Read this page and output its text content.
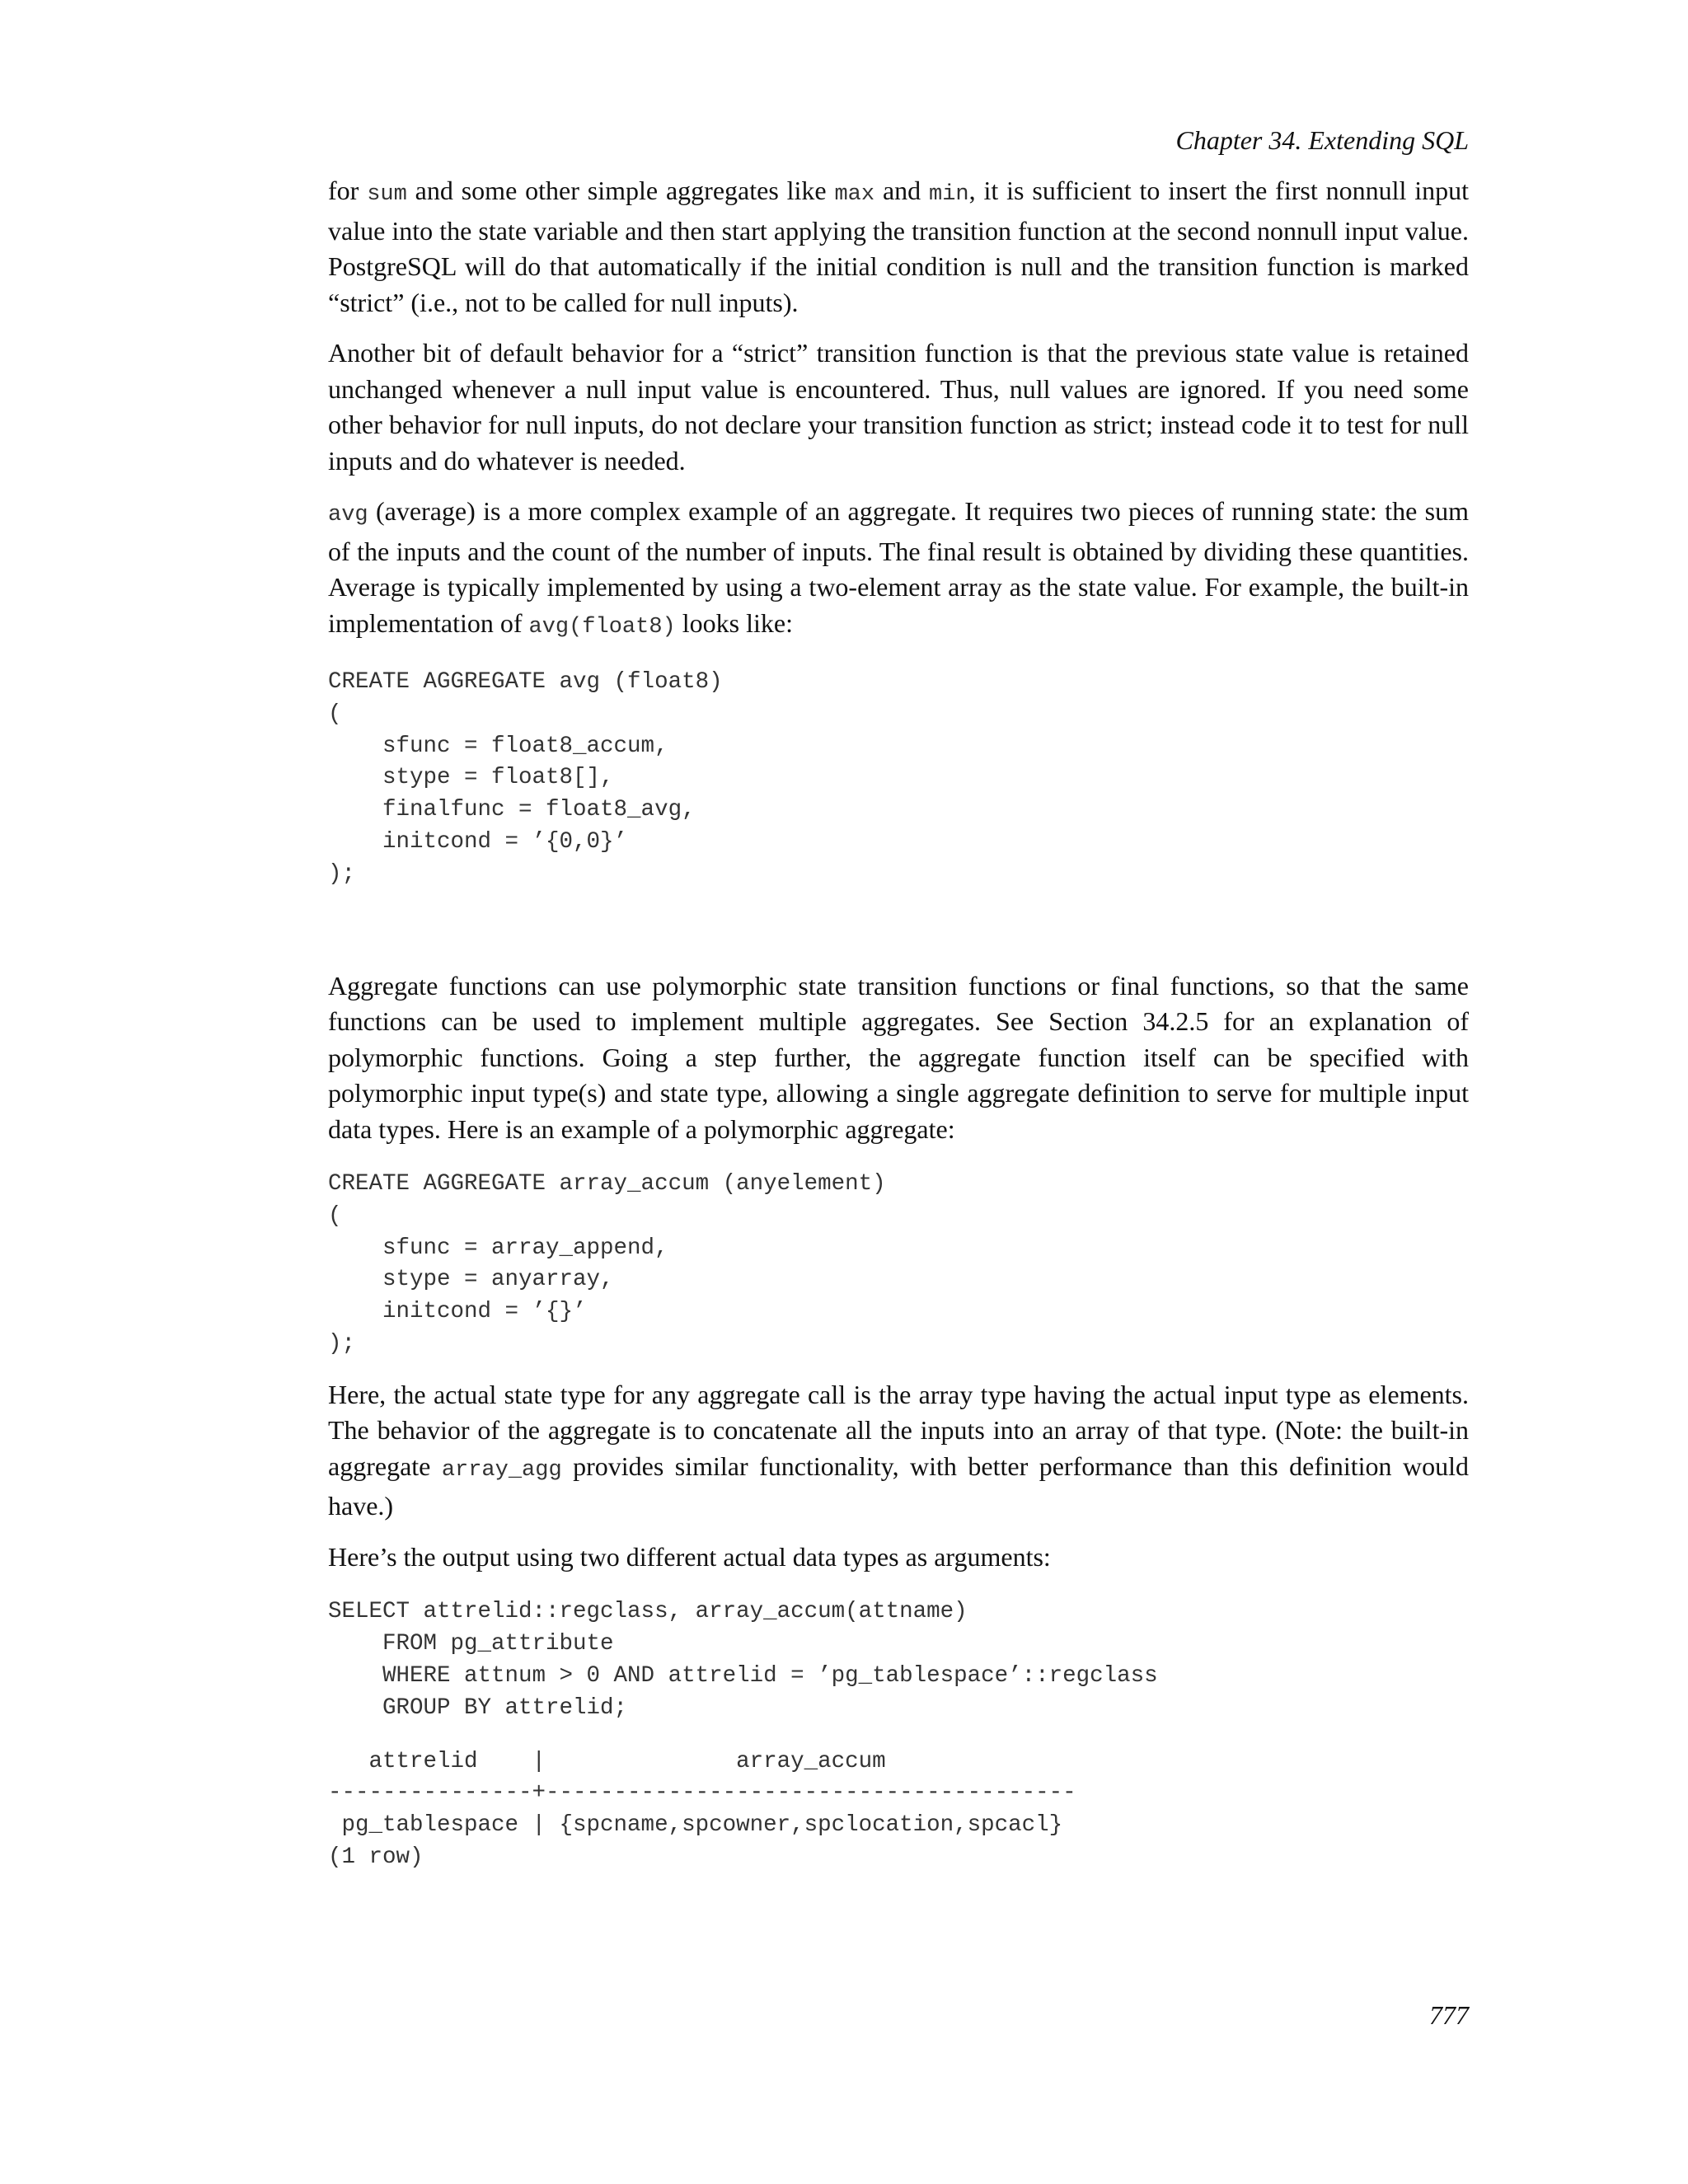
Chapter 34. Extending SQL

for sum and some other simple aggregates like max and min, it is sufficient to insert the first nonnull input value into the state variable and then start applying the transition function at the second nonnull input value. PostgreSQL will do that automatically if the initial condition is null and the transition function is marked “strict” (i.e., not to be called for null inputs).

Another bit of default behavior for a “strict” transition function is that the previous state value is retained unchanged whenever a null input value is encountered. Thus, null values are ignored. If you need some other behavior for null inputs, do not declare your transition function as strict; instead code it to test for null inputs and do whatever is needed.

avg (average) is a more complex example of an aggregate. It requires two pieces of running state: the sum of the inputs and the count of the number of inputs. The final result is obtained by dividing these quantities. Average is typically implemented by using a two-element array as the state value. For example, the built-in implementation of avg(float8) looks like:

CREATE AGGREGATE avg (float8)
(
sfunc = float8_accum,
stype = float8[],
finalfunc = float8_avg,
initcond = ’{0,0}’
);

Aggregate functions can use polymorphic state transition functions or final functions, so that the same functions can be used to implement multiple aggregates. See Section 34.2.5 for an explanation of polymorphic functions. Going a step further, the aggregate function itself can be specified with polymorphic input type(s) and state type, allowing a single aggregate definition to serve for multiple input data types. Here is an example of a polymorphic aggregate:

CREATE AGGREGATE array_accum (anyelement)
(
sfunc = array_append,
stype = anyarray,
initcond = ’{}’
);

Here, the actual state type for any aggregate call is the array type having the actual input type as elements. The behavior of the aggregate is to concatenate all the inputs into an array of that type. (Note: the built-in aggregate array_agg provides similar functionality, with better performance than this definition would have.)

Here’s the output using two different actual data types as arguments:

SELECT attrelid::regclass, array_accum(attname)
FROM pg_attribute
WHERE attnum > 0 AND attrelid = ’pg_tablespace’::regclass
GROUP BY attrelid;
attrelid    |              array_accum
---------------+---------------------------------------
pg_tablespace | {spcname,spcowner,spclocation,spcacl}
(1 row)
777
